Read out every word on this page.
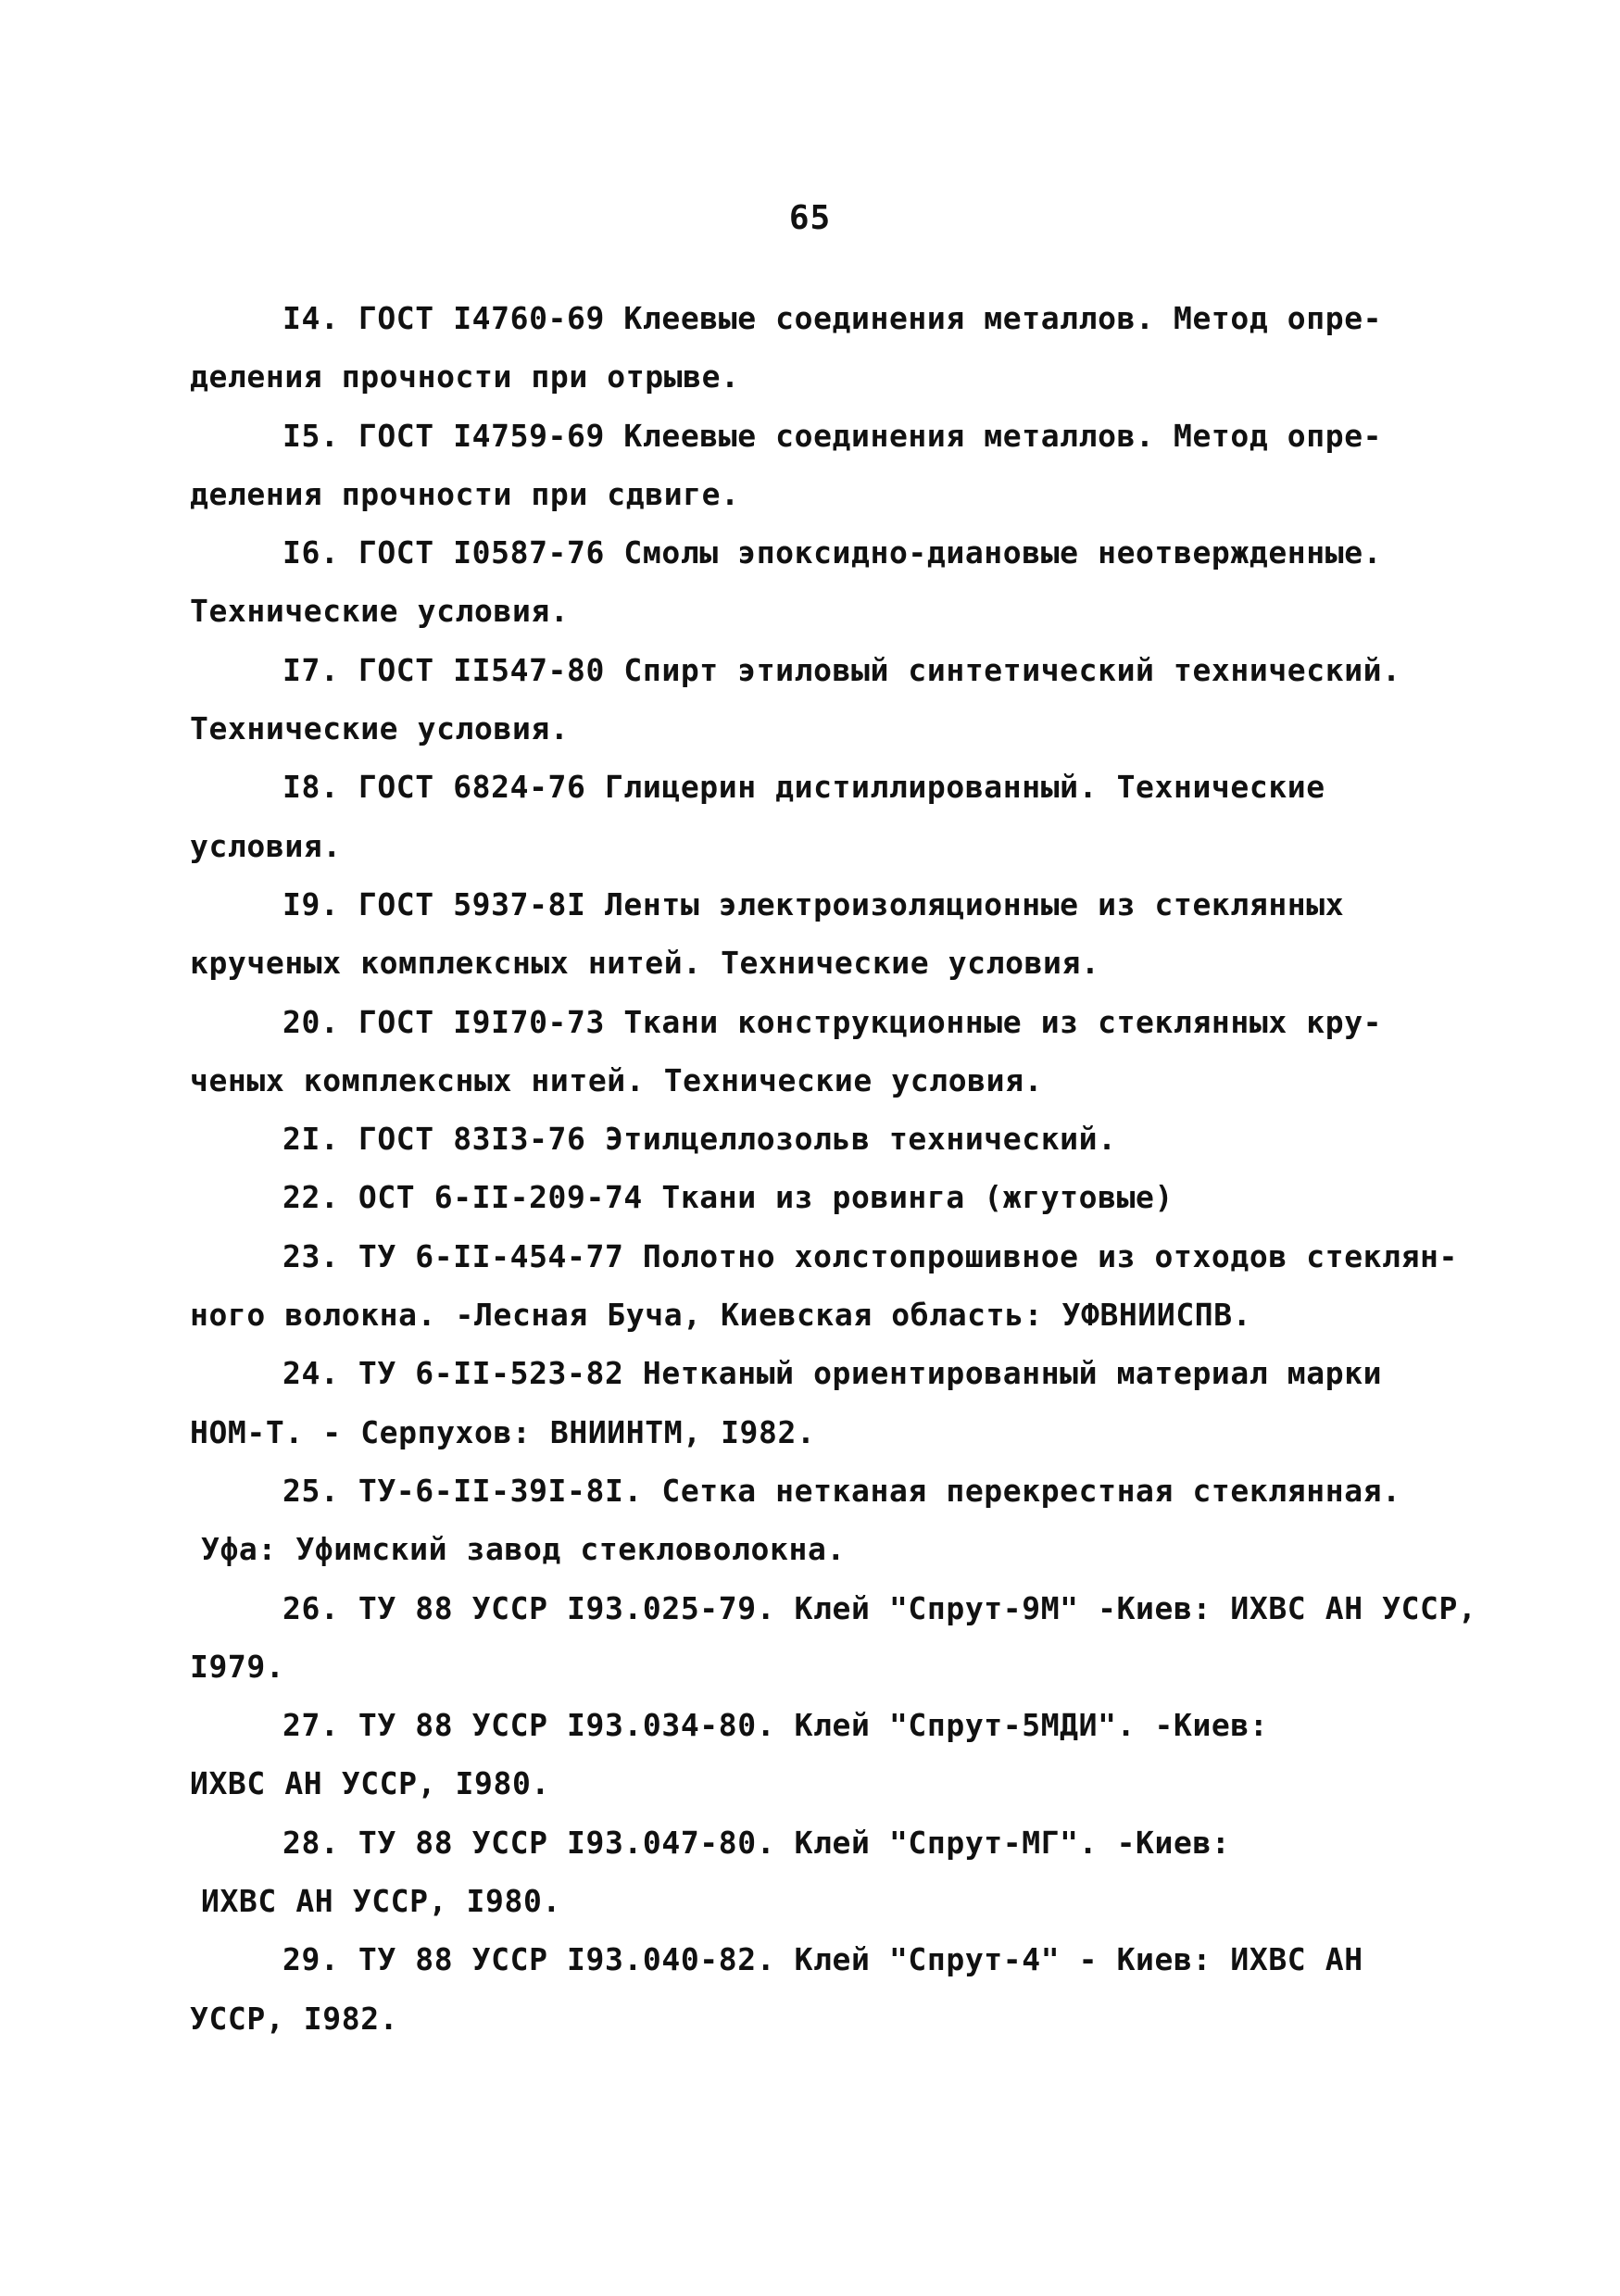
65
I4. ГОСТ I4760-69 Клеевые соединения металлов. Метод опре-
деления прочности при отрыве.
I5. ГОСТ I4759-69 Клеевые соединения металлов. Метод опре-
деления прочности при сдвиге.
I6. ГОСТ I0587-76 Смолы эпоксидно-диановые неотвержденные.
Технические условия.
I7. ГОСТ II547-80 Спирт этиловый синтетический технический.
Технические условия.
I8. ГОСТ 6824-76 Глицерин дистиллированный. Технические
условия.
I9. ГОСТ 5937-8I Ленты электроизоляционные из стеклянных
крученых комплексных нитей. Технические условия.
20. ГОСТ I9I70-73 Ткани конструкционные из стеклянных кру-
ченых комплексных нитей. Технические условия.
2I. ГОСТ 83I3-76 Этилцеллозольв технический.
22. ОСТ 6-II-209-74 Ткани из ровинга (жгутовые)
23. ТУ 6-II-454-77 Полотно холстопрошивное из отходов стеклян-
ного волокна. -Лесная Буча, Киевская область: УФВНИИСПВ.
24. ТУ 6-II-523-82 Нетканый ориентированный материал марки
НОМ-Т. - Серпухов: ВНИИНТМ, I982.
25. ТУ-6-II-39I-8I. Сетка нетканая перекрестная стеклянная.
Уфа: Уфимский завод стекловолокна.
26. ТУ 88 УССР I93.025-79. Клей "Спрут-9М" -Киев: ИХВС АН УССР,
I979.
27. ТУ 88 УССР I93.034-80. Клей "Спрут-5МДИ". -Киев:
ИХВС АН УССР, I980.
28. ТУ 88 УССР I93.047-80. Клей "Спрут-МГ". -Киев:
ИХВС АН УССР, I980.
29. ТУ 88 УССР I93.040-82. Клей "Спрут-4" - Киев: ИХВС АН
УССР, I982.
